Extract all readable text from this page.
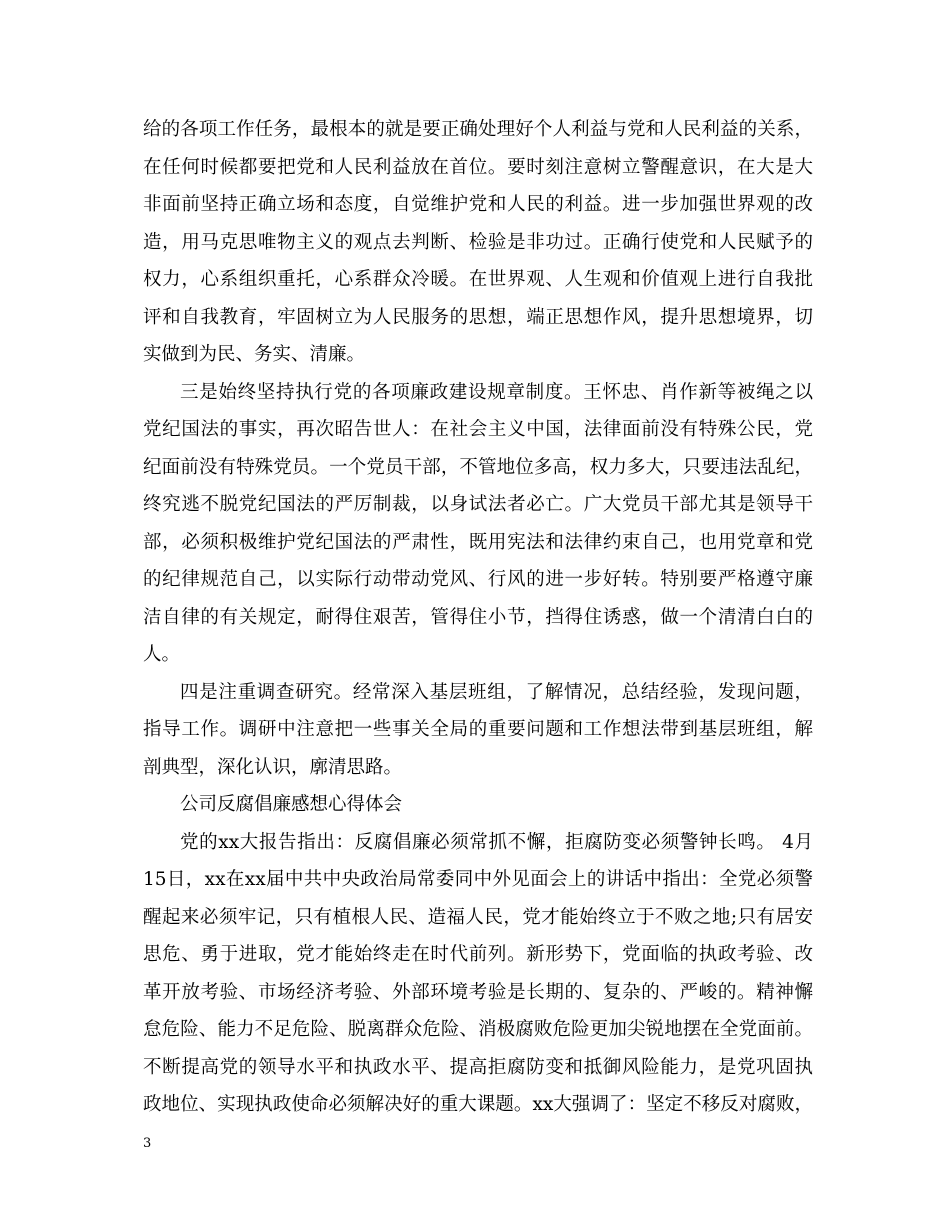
给的各项工作任务，最根本的就是要正确处理好个人利益与党和人民利益的关系，
在任何时候都要把党和人民利益放在首位。要时刻注意树立警醒意识，在大是大
非面前坚持正确立场和态度，自觉维护党和人民的利益。进一步加强世界观的改
造，用马克思唯物主义的观点去判断、检验是非功过。正确行使党和人民赋予的
权力，心系组织重托，心系群众冷暖。在世界观、人生观和价值观上进行自我批
评和自我教育，牢固树立为人民服务的思想，端正思想作风，提升思想境界，切
实做到为民、务实、清廉。
三是始终坚持执行党的各项廉政建设规章制度。王怀忠、肖作新等被绳之以
党纪国法的事实，再次昭告世人：在社会主义中国，法律面前没有特殊公民，党
纪面前没有特殊党员。一个党员干部，不管地位多高，权力多大，只要违法乱纪，
终究逃不脱党纪国法的严厉制裁，以身试法者必亡。广大党员干部尤其是领导干
部，必须积极维护党纪国法的严肃性，既用宪法和法律约束自己，也用党章和党
的纪律规范自己，以实际行动带动党风、行风的进一步好转。特别要严格遵守廉
洁自律的有关规定，耐得住艰苦，管得住小节，挡得住诱惑，做一个清清白白的
人。
四是注重调查研究。经常深入基层班组，了解情况，总结经验，发现问题，
指导工作。调研中注意把一些事关全局的重要问题和工作想法带到基层班组，解
剖典型，深化认识，廓清思路。
公司反腐倡廉感想心得体会
党的xx大报告指出：反腐倡廉必须常抓不懈，拒腐防变必须警钟长鸣。 4月
15日，xx在xx届中共中央政治局常委同中外见面会上的讲话中指出：全党必须警
醒起来必须牢记，只有植根人民、造福人民，党才能始终立于不败之地;只有居安
思危、勇于进取，党才能始终走在时代前列。新形势下，党面临的执政考验、改
革开放考验、市场经济考验、外部环境考验是长期的、复杂的、严峻的。精神懈
怠危险、能力不足危险、脱离群众危险、消极腐败危险更加尖锐地摆在全党面前。
不断提高党的领导水平和执政水平、提高拒腐防变和抵御风险能力，是党巩固执
政地位、实现执政使命必须解决好的重大课题。xx大强调了：坚定不移反对腐败，
3
